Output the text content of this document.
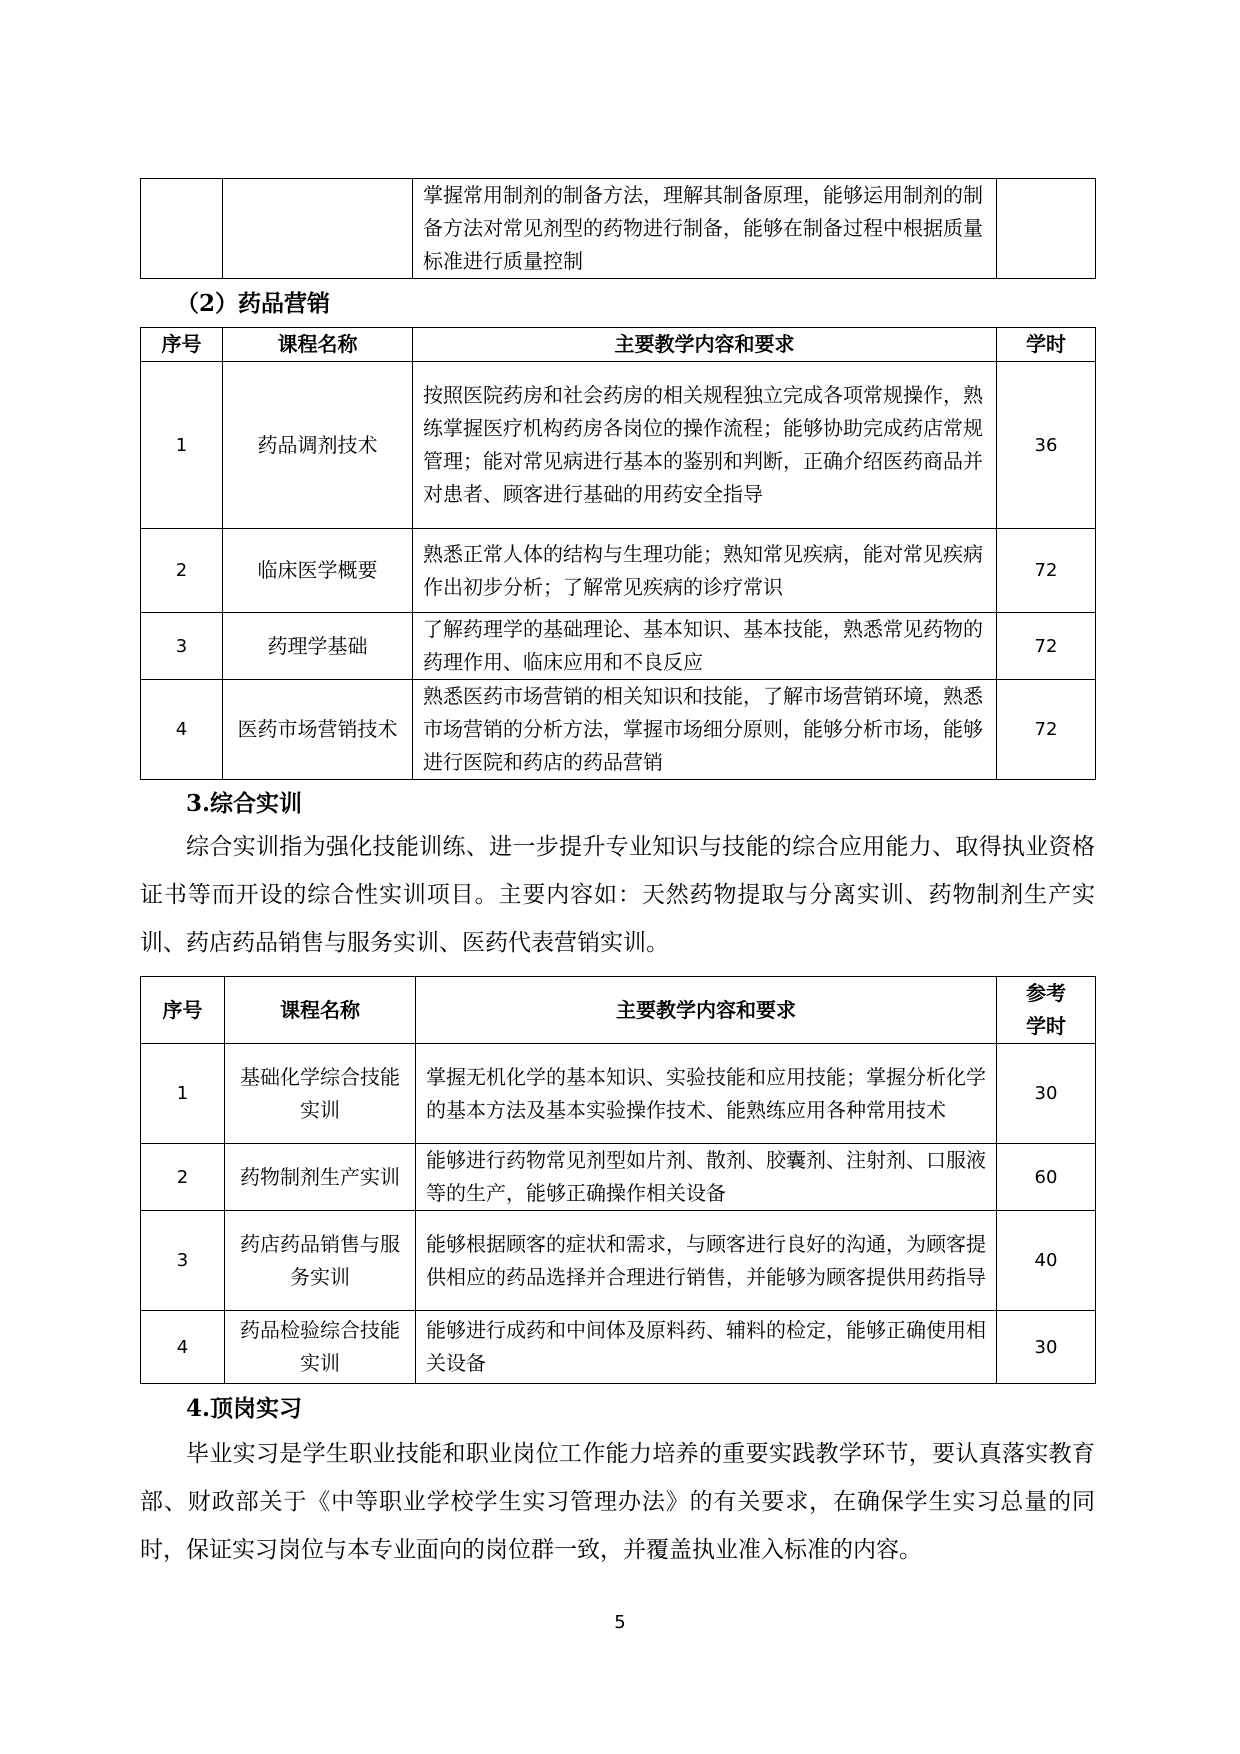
		掌握常用制剂的制备方法，理解其制备原理，能够运用制剂的制备方法对常见剂型的药物进行制备，能够在制备过程中根据质量标准进行质量控制	
（2）药品营销
序号	课程名称	主要教学内容和要求	学时
1	药品调剂技术	按照医院药房和社会药房的相关规程独立完成各项常规操作，熟练掌握医疗机构药房各岗位的操作流程；能够协助完成药店常规管理；能对常见病进行基本的鉴别和判断，正确介绍医药商品并对患者、顾客进行基础的用药安全指导	36
2	临床医学概要	熟悉正常人体的结构与生理功能；熟知常见疾病，能对常见疾病作出初步分析；了解常见疾病的诊疗常识	72
3	药理学基础	了解药理学的基础理论、基本知识、基本技能，熟悉常见药物的药理作用、临床应用和不良反应	72
4	医药市场营销技术	熟悉医药市场营销的相关知识和技能，了解市场营销环境，熟悉市场营销的分析方法，掌握市场细分原则，能够分析市场，能够进行医院和药店的药品营销	72
3.综合实训

综合实训指为强化技能训练、进一步提升专业知识与技能的综合应用能力、取得执业资格证书等而开设的综合性实训项目。主要内容如：天然药物提取与分离实训、药物制剂生产实训、药店药品销售与服务实训、医药代表营销实训。

序号	课程名称	主要教学内容和要求	参考学时
1	基础化学综合技能实训	掌握无机化学的基本知识、实验技能和应用技能；掌握分析化学的基本方法及基本实验操作技术、能熟练应用各种常用技术	30
2	药物制剂生产实训	能够进行药物常见剂型如片剂、散剂、胶囊剂、注射剂、口服液等的生产，能够正确操作相关设备	60
3	药店药品销售与服务实训	能够根据顾客的症状和需求，与顾客进行良好的沟通，为顾客提供相应的药品选择并合理进行销售，并能够为顾客提供用药指导	40
4	药品检验综合技能实训	能够进行成药和中间体及原料药、辅料的检定，能够正确使用相关设备	30
4.顶岗实习

毕业实习是学生职业技能和职业岗位工作能力培养的重要实践教学环节，要认真落实教育部、财政部关于《中等职业学校学生实习管理办法》的有关要求，在确保学生实习总量的同时，保证实习岗位与本专业面向的岗位群一致，并覆盖执业准入标准的内容。

5
